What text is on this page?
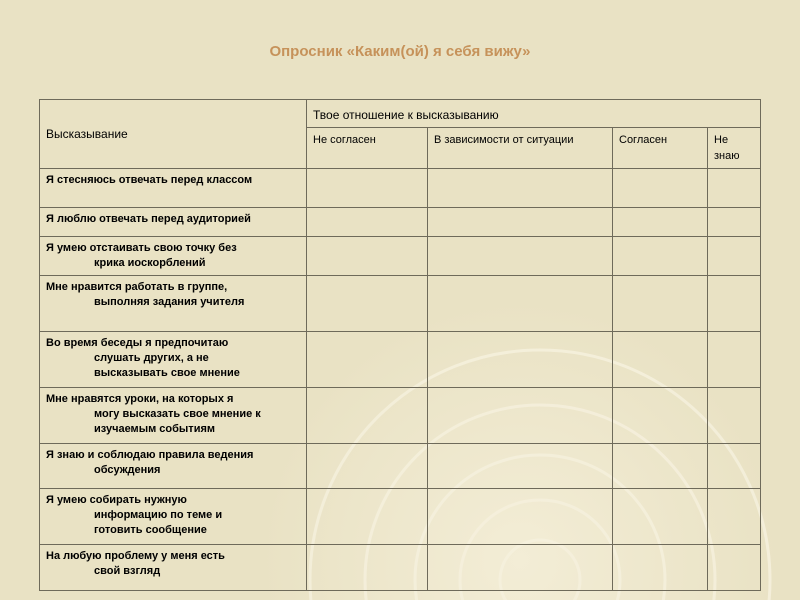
Опросник «Каким(ой) я себя вижу»
Высказывание	Твое отношение к высказыванию			
	Не согласен	В зависимости от ситуации	Согласен	Не знаю

Я стесняюсь отвечать перед классом				

Я люблю отвечать перед аудиторией				

Я умею отстаивать свою точку без
крика иоскорблений				

Мне нравится работать в группе,
выполняя задания учителя				

Во время беседы я предпочитаю
слушать других, а не
высказывать свое мнение				

Мне нравятся уроки, на которых я
могу высказать свое мнение к
изучаемым событиям				

Я знаю и соблюдаю правила ведения
обсуждения				

Я умею собирать нужную
информацию по теме и
готовить сообщение				

На любую проблему у меня есть
свой взгляд				
